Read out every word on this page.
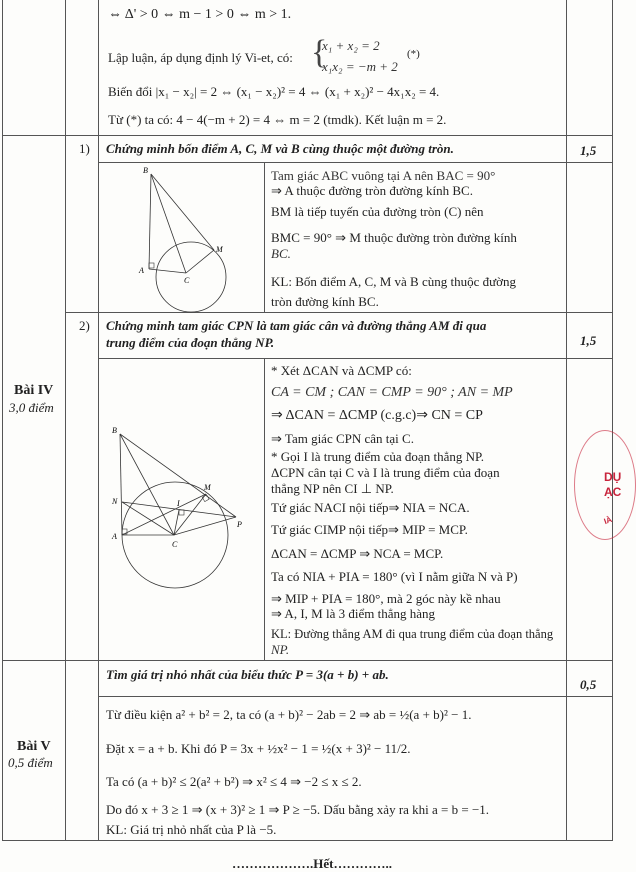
⇔ Δ' > 0 ⇔ m − 1 > 0 ⇔ m > 1.
Lập luận, áp dụng định lý Vi-et, có: {
x₁ + x₂ = 2
x₁x₂ = −m + 2
(*)
Biến đổi |x₁ − x₂| = 2 ⇔ (x₁ − x₂)² = 4 ⇔ (x₁ + x₂)² − 4x₁x₂ = 4.
Từ (*) ta có: 4 − 4(−m + 2) = 4 ⇔ m = 2 (tmdk). Kết luận m = 2.
Bài IV
3,0 điểm
1) Chứng minh bốn điểm A, C, M và B cùng thuộc một đường tròn.	1,5
B
M
A
C
Tam giác ABC vuông tại A nên BAC = 90°
⇒ A thuộc đường tròn đường kính BC.
BM là tiếp tuyến của đường tròn (C) nên
BMC = 90° ⇒ M thuộc đường tròn đường kính
BC.
KL: Bốn điểm A, C, M và B cùng thuộc đường
tròn đường kính BC.
2) Chứng minh tam giác CPN là tam giác cân và đường thẳng AM đi qua
trung điểm của đoạn thẳng NP.	1,5
B
M
N	I
P
A
C
* Xét ΔCAN và ΔCMP có:
CA = CM ; CAN = CMP = 90° ; AN = MP
⇒ ΔCAN = ΔCMP (c.g.c)⇒ CN = CP
⇒ Tam giác CPN cân tại C.
* Gọi I là trung điểm của đoạn thẳng NP.
ΔCPN cân tại C và I là trung điểm của đoạn
thẳng NP nên CI ⊥ NP.
Tứ giác NACI nội tiếp⇒ NIA = NCA.
Tứ giác CIMP nội tiếp⇒ MIP = MCP.
ΔCAN = ΔCMP ⇒ NCA = MCP.
Ta có NIA + PIA = 180° (vì I nằm giữa N và P)
⇒ MIP + PIA = 180°, mà 2 góc này kề nhau
⇒ A, I, M là 3 điểm thẳng hàng
KL: Đường thẳng AM đi qua trung điểm của đoạn thẳng
NP.
Bài V
0,5 điểm
Tìm giá trị nhỏ nhất của biểu thức P = 3(a + b) + ab.
0,5
Từ điều kiện a² + b² = 2, ta có (a + b)² − 2ab = 2 ⇒ ab = ½(a + b)² − 1.
Đặt x = a + b. Khi đó P = 3x + ½x² − 1 = ½(x + 3)² − 11/2.
Ta có (a + b)² ≤ 2(a² + b²) ⇒ x² ≤ 4 ⇒ −2 ≤ x ≤ 2.
Do đó x + 3 ≥ 1 ⇒ (x + 3)² ≥ 1 ⇒ P ≥ −5. Dấu bằng xảy ra khi a = b = −1.
KL: Giá trị nhỏ nhất của P là −5.
……………….Hết…………..
DỤ
ẠC
IÀ
